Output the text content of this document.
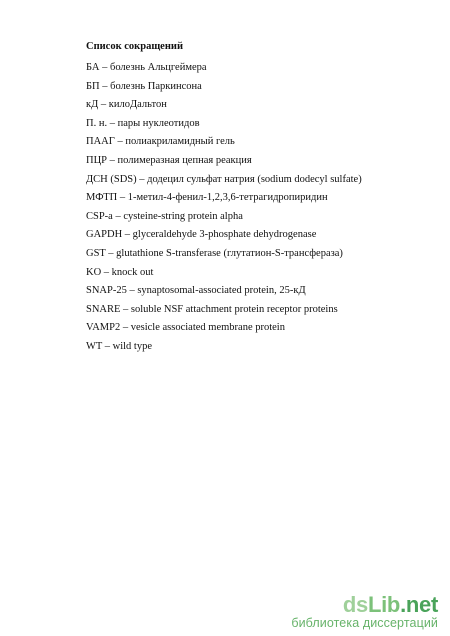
Список сокращений
БА – болезнь Альцгеймера
БП – болезнь Паркинсона
кД – килоДальтон
П. н. – пары нуклеотидов
ПААГ – полиакриламидный гель
ПЦР – полимеразная цепная реакция
ДСН (SDS) – додецил сульфат натрия (sodium dodecyl sulfate)
МФТП – 1-метил-4-фенил-1,2,3,6-тетрагидропиридин
CSP-a – cysteine-string protein alpha
GAPDH – glyceraldehyde 3-phosphate dehydrogenase
GST – glutathione S-transferase (глутатион-S-трансфераза)
KO – knock out
SNAP-25 – synaptosomal-associated protein, 25-кД
SNARE – soluble NSF attachment protein receptor proteins
VAMP2 – vesicle associated membrane protein
WT – wild type
dsLib.net
библиотека диссертаций
